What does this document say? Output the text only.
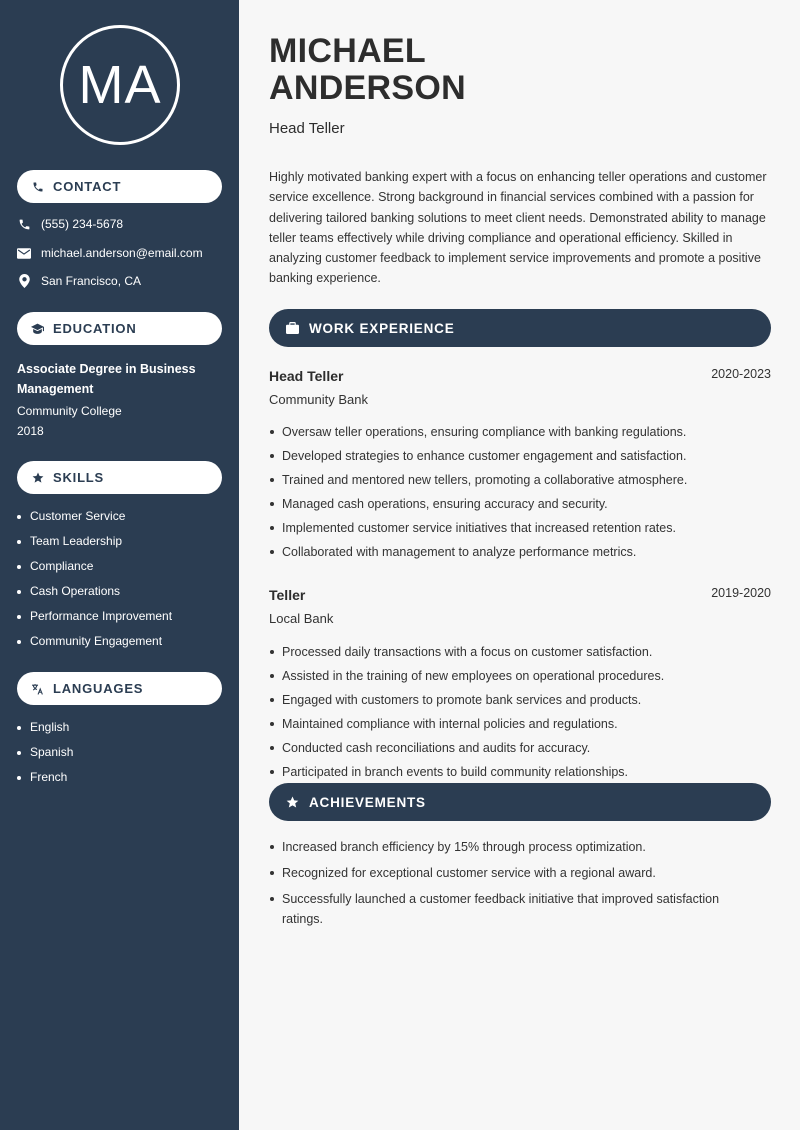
MA
CONTACT
(555) 234-5678
michael.anderson@email.com
San Francisco, CA
EDUCATION
Associate Degree in Business Management
Community College
2018
SKILLS
Customer Service
Team Leadership
Compliance
Cash Operations
Performance Improvement
Community Engagement
LANGUAGES
English
Spanish
French
MICHAEL
ANDERSON
Head Teller
Highly motivated banking expert with a focus on enhancing teller operations and customer service excellence. Strong background in financial services combined with a passion for delivering tailored banking solutions to meet client needs. Demonstrated ability to manage teller teams effectively while driving compliance and operational efficiency. Skilled in analyzing customer feedback to implement service improvements and promote a positive banking experience.
WORK EXPERIENCE
Head Teller	2020-2023
Community Bank
Oversaw teller operations, ensuring compliance with banking regulations.
Developed strategies to enhance customer engagement and satisfaction.
Trained and mentored new tellers, promoting a collaborative atmosphere.
Managed cash operations, ensuring accuracy and security.
Implemented customer service initiatives that increased retention rates.
Collaborated with management to analyze performance metrics.
Teller	2019-2020
Local Bank
Processed daily transactions with a focus on customer satisfaction.
Assisted in the training of new employees on operational procedures.
Engaged with customers to promote bank services and products.
Maintained compliance with internal policies and regulations.
Conducted cash reconciliations and audits for accuracy.
Participated in branch events to build community relationships.
ACHIEVEMENTS
Increased branch efficiency by 15% through process optimization.
Recognized for exceptional customer service with a regional award.
Successfully launched a customer feedback initiative that improved satisfaction ratings.
